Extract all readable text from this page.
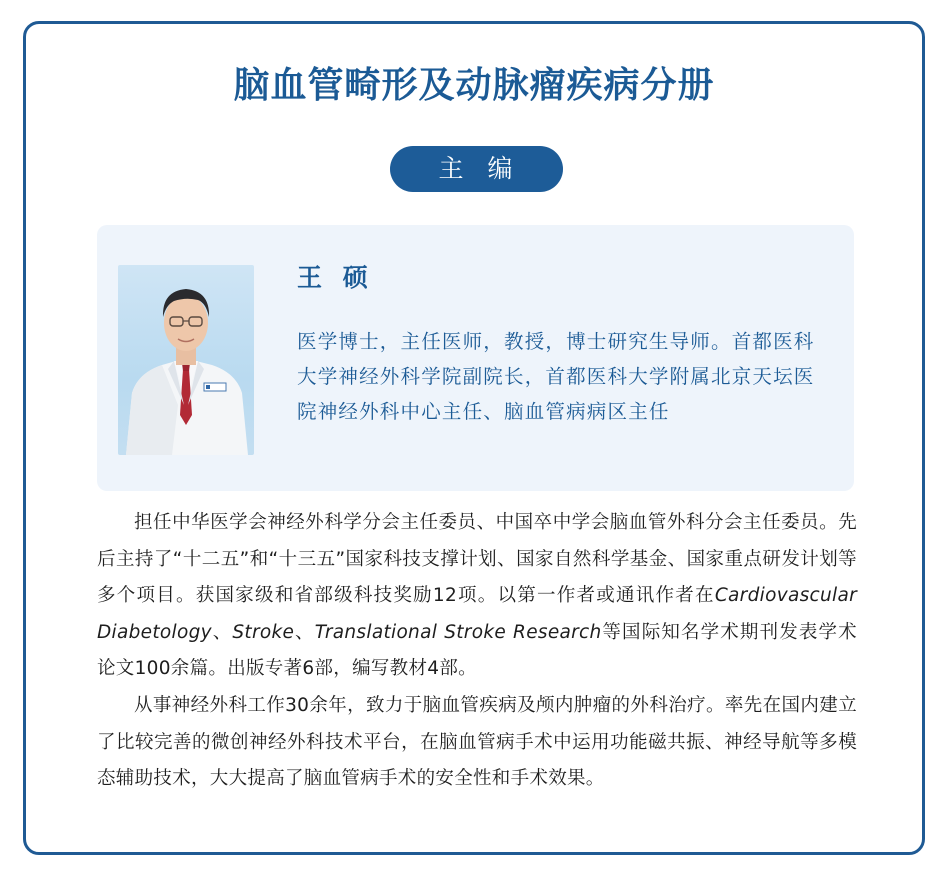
脑血管畸形及动脉瘤疾病分册
主 编
王 硕
医学博士，主任医师，教授，博士研究生导师。首都医科大学神经外科学院副院长，首都医科大学附属北京天坛医院神经外科中心主任、脑血管病病区主任

担任中华医学会神经外科学分会主任委员、中国卒中学会脑血管外科分会主任委员。先后主持了“十二五”和“十三五”国家科技支撑计划、国家自然科学基金、国家重点研发计划等多个项目。获国家级和省部级科技奖励12项。以第一作者或通讯作者在Cardiovascular Diabetology、Stroke、Translational Stroke Research等国际知名学术期刊发表学术论文100余篇。出版专著6部，编写教材4部。

从事神经外科工作30余年，致力于脑血管疾病及颅内肿瘤的外科治疗。率先在国内建立了比较完善的微创神经外科技术平台，在脑血管病手术中运用功能磁共振、神经导航等多模态辅助技术，大大提高了脑血管病手术的安全性和手术效果。
